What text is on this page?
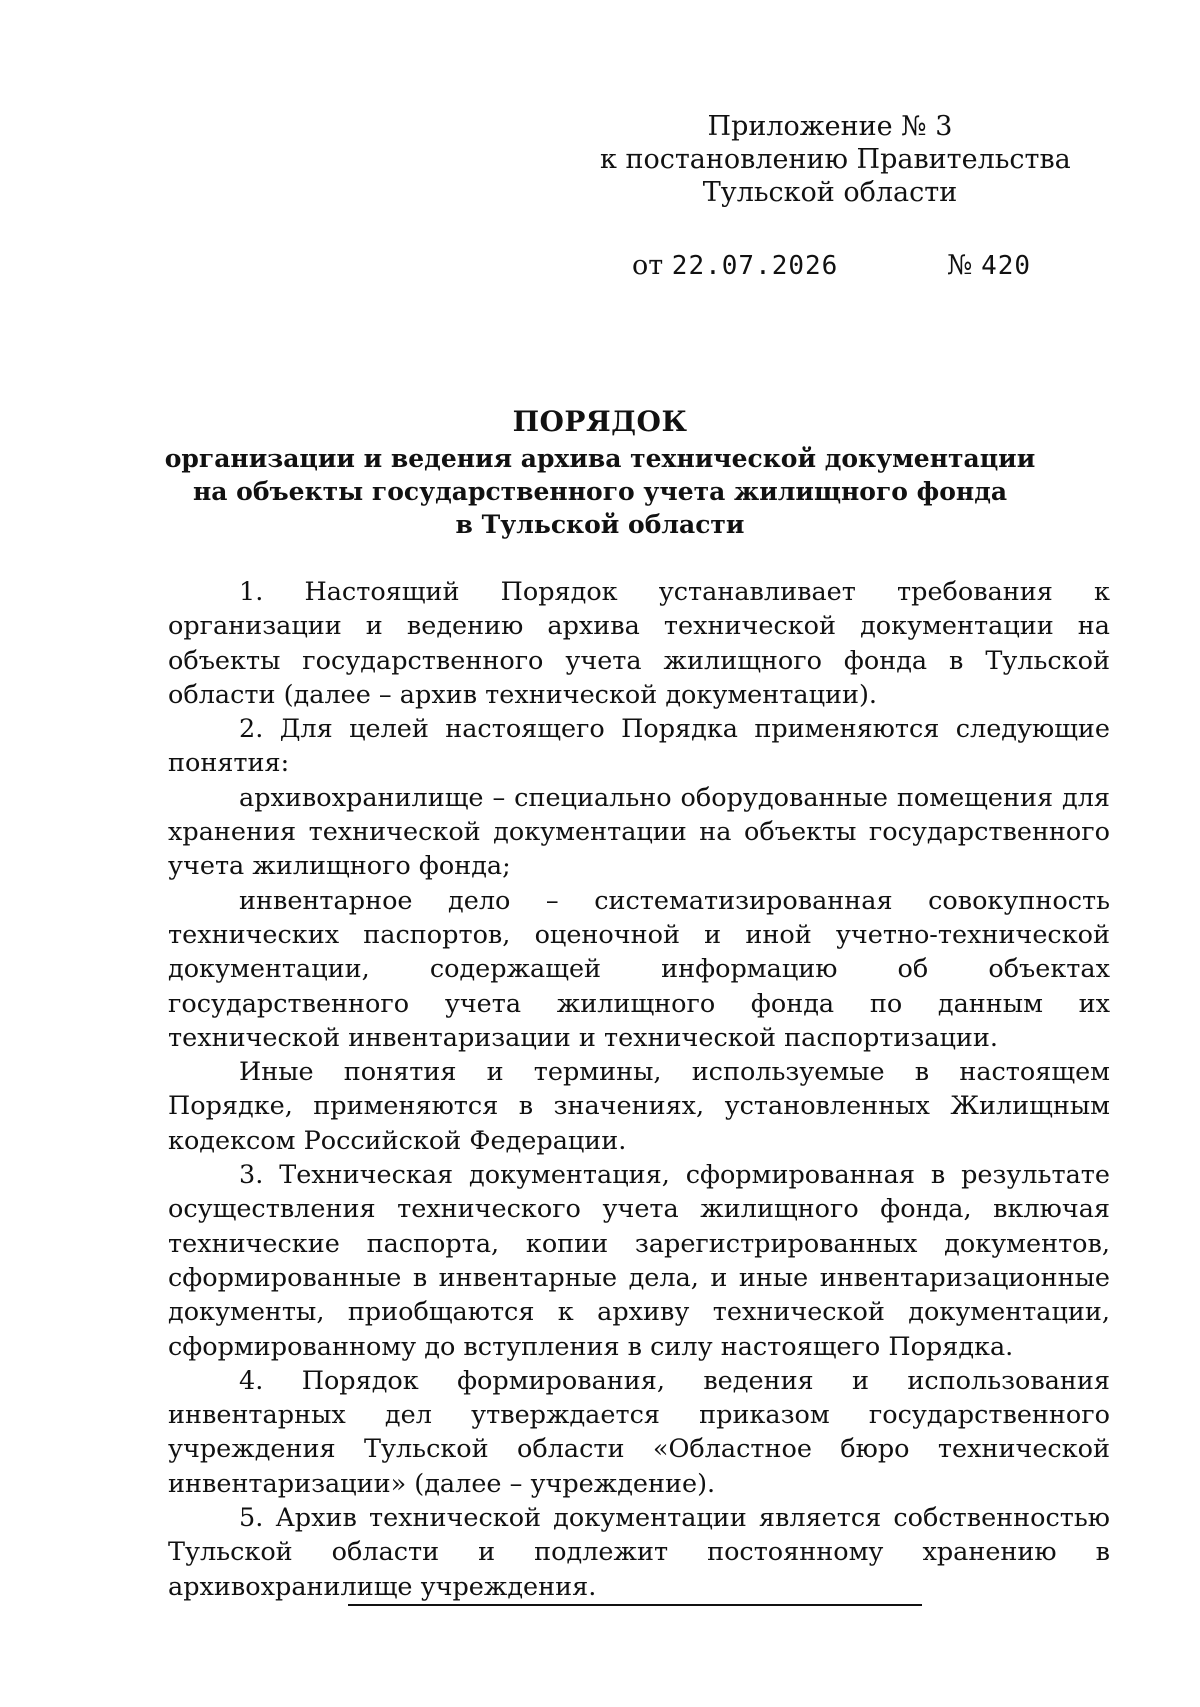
Приложение № 3
к постановлению Правительства
Тульской области
от 22.07.2026	№ 420
ПОРЯДОК
организации и ведения архива технической документации
на объекты государственного учета жилищного фонда
в Тульской области

1. Настоящий Порядок устанавливает требования к организации и ведению архива технической документации на объекты государственного учета жилищного фонда в Тульской области (далее – архив технической документации).

2. Для целей настоящего Порядка применяются следующие понятия:

архивохранилище – специально оборудованные помещения для хранения технической документации на объекты государственного учета жилищного фонда;

инвентарное дело – систематизированная совокупность технических паспортов, оценочной и иной учетно-технической документации, содержащей информацию об объектах государственного учета жилищного фонда по данным их технической инвентаризации и технической паспортизации.

Иные понятия и термины, используемые в настоящем Порядке, применяются в значениях, установленных Жилищным кодексом Российской Федерации.

3. Техническая документация, сформированная в результате осуществления технического учета жилищного фонда, включая технические паспорта, копии зарегистрированных документов, сформированные в инвентарные дела, и иные инвентаризационные документы, приобщаются к архиву технической документации, сформированному до вступления в силу настоящего Порядка.

4. Порядок формирования, ведения и использования инвентарных дел утверждается приказом государственного учреждения Тульской области «Областное бюро технической инвентаризации» (далее – учреждение).

5. Архив технической документации является собственностью Тульской области и подлежит постоянному хранению в архивохранилище учреждения.
